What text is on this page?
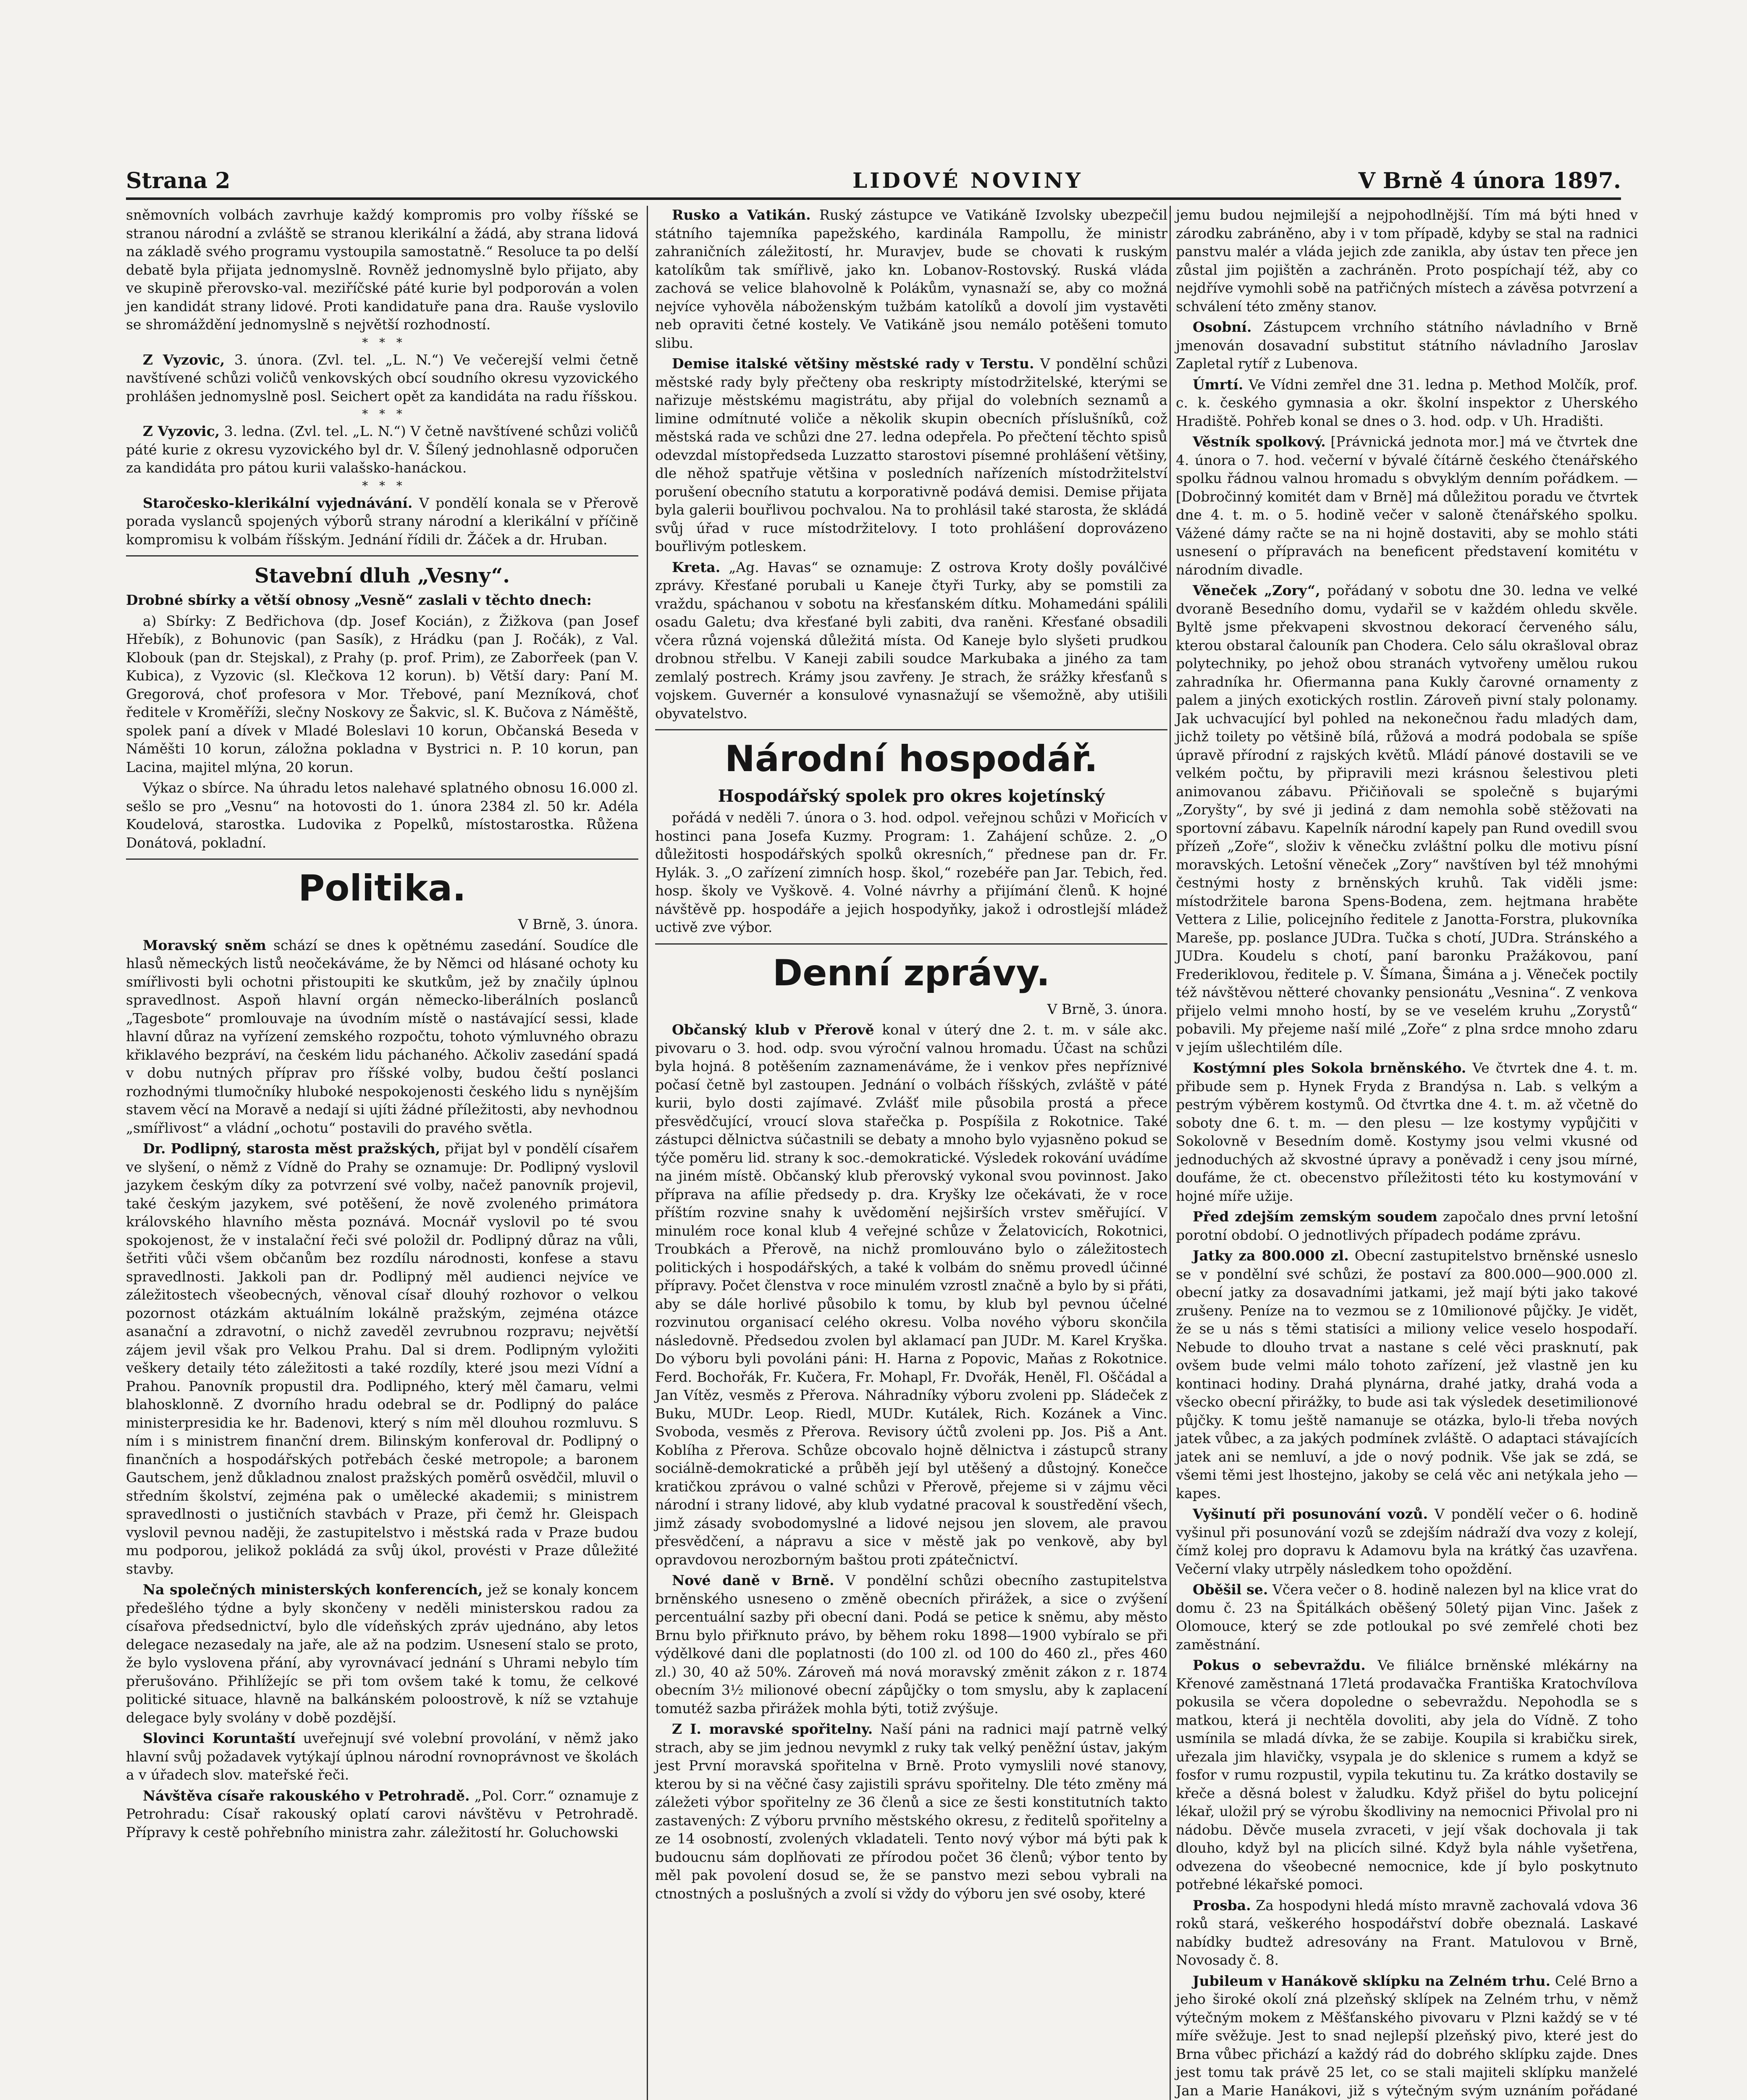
Strana 2	LIDOVÉ NOVINY	V Brně 4 února 1897.

sněmovních volbách zavrhuje každý kompromis pro volby říšské se stranou národní a zvláště se stranou klerikální a žádá, aby strana lidová na základě svého programu vystoupila samostatně.“ Resoluce ta po delší debatě byla přijata jednomyslně. Rovněž jednomyslně bylo přijato, aby ve skupině přerovsko-val. meziříčské páté kurie byl podporován a volen jen kandidát strany lidové. Proti kandidatuře pana dra. Rauše vyslovilo se shromáždění jednomyslně s největší rozhodností.

*   *   *

Z Vyzovic, 3. února. (Zvl. tel. „L. N.“) Ve večerejší velmi četně navštívené schůzi voličů venkovských obcí soudního okresu vyzovického prohlášen jednomyslně posl. Seichert opět za kandidáta na radu říšskou.

*   *   *

Z Vyzovic, 3. ledna. (Zvl. tel. „L. N.“) V četně navštívené schůzi voličů páté kurie z okresu vyzovického byl dr. V. Šílený jednohlasně odporučen za kandidáta pro pátou kurii valašsko-hanáckou.

*   *   *

Staročesko-klerikální vyjednávání. V pondělí konala se v Přerově porada vyslanců spojených výborů strany národní a klerikální v příčině kompromisu k volbám říšským. Jednání řídili dr. Žáček a dr. Hruban.

Stavební dluh „Vesny“.

Drobné sbírky a větší obnosy „Vesně“ zaslali v těchto dnech:

a) Sbírky: Z Bedřichova (dp. Josef Kocián), z Žižkova (pan Josef Hřebík), z Bohunovic (pan Sasík), z Hrádku (pan J. Ročák), z Val. Klobouk (pan dr. Stejskal), z Prahy (p. prof. Prim), ze Zaborřeek (pan V. Kubica), z Vyzovic (sl. Klečkova 12 korun). b) Větší dary: Paní M. Gregorová, choť profesora v Mor. Třebové, paní Mezníková, choť ředitele v Kroměříži, slečny Noskovy ze Šakvic, sl. K. Bučova z Náměště, spolek paní a dívek v Mladé Boleslavi 10 korun, Občanská Beseda v Náměšti 10 korun, záložna pokladna v Bystrici n. P. 10 korun, pan Lacina, majitel mlýna, 20 korun.

Výkaz o sbírce. Na úhradu letos nalehavé splatného obnosu 16.000 zl. sešlo se pro „Vesnu“ na hotovosti do 1. února 2384 zl. 50 kr. Adéla Koudelová, starostka. Ludovika z Popelků, místostarostka. Růžena Donátová, pokladní.

Politika.
V Brně, 3. února.

Moravský sněm schází se dnes k opětnému zasedání. Soudíce dle hlasů německých listů neočekáváme, že by Němci od hlásané ochoty ku smířlivosti byli ochotni přistoupiti ke skutkům, jež by značily úplnou spravedlnost. Aspoň hlavní orgán německo-liberálních poslanců „Tagesbote“ promlouvaje na úvodním místě o nastávající sessi, klade hlavní důraz na vyřízení zemského rozpočtu, tohoto výmluvného obrazu křiklavého bezpráví, na českém lidu páchaného. Ačkoliv zasedání spadá v dobu nutných příprav pro říšské volby, budou čeští poslanci rozhodnými tlumočníky hluboké nespokojenosti českého lidu s nynějším stavem věcí na Moravě a nedají si ujíti žádné příležitosti, aby nevhodnou „smířlivost“ a vládní „ochotu“ postavili do pravého světla.

Dr. Podlipný, starosta měst pražských, přijat byl v pondělí císařem ve slyšení, o němž z Vídně do Prahy se oznamuje: Dr. Podlipný vyslovil jazykem českým díky za potvrzení své volby, načež panovník projevil, také českým jazykem, své potěšení, že nově zvoleného primátora královského hlavního města poznává. Mocnář vyslovil po té svou spokojenost, že v instalační řeči své položil dr. Podlipný důraz na vůli, šetřiti vůči všem občanům bez rozdílu národnosti, konfese a stavu spravedlnosti. Jakkoli pan dr. Podlipný měl audienci nejvíce ve záležitostech všeobecných, věnoval císař dlouhý rozhovor o velkou pozornost otázkám aktuálním lokálně pražským, zejména otázce asanační a zdravotní, o nichž zaveděl zevrubnou rozpravu; největší zájem jevil však pro Velkou Prahu. Dal si drem. Podlipným vyložiti veškery detaily této záležitosti a také rozdíly, které jsou mezi Vídní a Prahou. Panovník propustil dra. Podlipného, který měl čamaru, velmi blahosklonně. Z dvorního hradu odebral se dr. Podlipný do paláce ministerpresidia ke hr. Badenovi, který s ním měl dlouhou rozmluvu. S ním i s ministrem finanční drem. Bilinským konferoval dr. Podlipný o finančních a hospodářských potřebách české metropole; a baronem Gautschem, jenž důkladnou znalost pražských poměrů osvědčil, mluvil o středním školství, zejména pak o umělecké akademii; s ministrem spravedlnosti o justičních stavbách v Praze, při čemž hr. Gleispach vyslovil pevnou naději, že zastupitelstvo i městská rada v Praze budou mu podporou, jelikož pokládá za svůj úkol, provésti v Praze důležité stavby.

Na společných ministerských konferencích, jež se konaly koncem předešlého týdne a byly skončeny v neděli ministerskou radou za císařova předsednictví, bylo dle vídeňských zpráv ujednáno, aby letos delegace nezasedaly na jaře, alе až na podzim. Usnesení stalo se proto, že bylo vyslovena přání, aby vyrovnávací jednání s Uhrami nebylo tím přerušováno. Přihlížejíc se při tom ovšem také k tomu, že celkové politické situace, hlavně na balkánském poloostrově, k níž se vztahuje delegace byly svolány v době pozdější.

Slovinci Koruntaští uveřejnují své volební provolání, v němž jako hlavní svůj požadavek vytýkají úplnou národní rovnoprávnost ve školách a v úřadech slov. mateřské řeči.

Návštěva císaře rakouského v Petrohradě. „Pol. Corr.“ oznamuje z Petrohradu: Císař rakouský oplatí carovi návštěvu v Petrohradě. Přípravy k cestě pohřebního ministra zahr. záležitostí hr. Goluchowski

Rusko a Vatikán. Ruský zástupce ve Vatikáně Izvolsky ubezpečil státního tajemníka papežského, kardinála Rampollu, že ministr zahraničních záležitostí, hr. Muravjev, bude se chovati k ruským katolíkům tak smířlivě, jako kn. Lobanov-Rostovský. Ruská vláda zachová se velice blahovolně k Polákům, vynasnaží se, aby co možná nejvíce vyhověla náboženským tužbám katolíků a dovolí jim vystavěti neb opraviti četné kostely. Ve Vatikáně jsou nemálo potěšeni tomuto slibu.

Demise italské většiny městské rady v Terstu. V pondělní schůzi městské rady byly přečteny oba reskripty místodržitelské, kterými se nařizuje městskému magistrátu, aby přijal do volebních seznamů a limine odmítnuté voliče a několik skupin obecních příslušníků, což městská rada ve schůzi dne 27. ledna odepřela. Po přečtení těchto spisů odevzdal místopředseda Luzzatto starostovi písemné prohlášení většiny, dle něhož spatřuje většina v posledních nařízeních místodržitelství porušení obecního statutu a korporativně podává demisi. Demise přijata byla galerii bouřlivou pochvalou. Na to prohlásil také starosta, že skládá svůj úřad v ruce místodržitelovy. I toto prohlášení doprovázeno bouřlivým potleskem.

Kreta. „Ag. Havas“ se oznamuje: Z ostrova Kroty došly poválčivé zprávy. Křesťané porubali u Kaneje čtyři Turky, aby se pomstili za vraždu, spáchanou v sobotu na křesťanském dítku. Mohamedáni spálili osadu Galetu; dva křesťané byli zabiti, dva raněni. Křesťané obsadili včera různá vojenská důležitá místa. Od Kaneje bylo slyšeti prudkou drobnou střelbu. V Kaneji zabili soudce Markubaka a jiného za tam zemlalý postrech. Krámy jsou zavřeny. Je strach, že srážky křesťanů s vojskem. Guvernér a konsulové vynasnažují se všemožně, aby utišili obyvatelstvo.

Národní hospodář.
Hospodářský spolek pro okres kojetínský

pořádá v neděli 7. února o 3. hod. odpol. veřejnou schůzi v Mořicích v hostinci pana Josefa Kuzmy. Program: 1. Zahájení schůze. 2. „O důležitosti hospodářských spolků okresních,“ přednese pan dr. Fr. Hylák. 3. „O zařízení zimních hosp. škol,“ rozebéře pan Jar. Tebich, řed. hosp. školy ve Vyškově. 4. Volné návrhy a přijímání členů. K hojné návštěvě pp. hospodáře a jejich hospodyňky, jakož i odrostlejší mládež uctivě zve výbor.

Denní zprávy.
V Brně, 3. února.

Občanský klub v Přerově konal v úterý dne 2. t. m. v sále akc. pivovaru o 3. hod. odp. svou výroční valnou hromadu. Účast na schůzi byla hojná. 8 potěšením zaznamenáváme, že i venkov přes nepříznivé počasí četně byl zastoupen. Jednání o volbách říšských, zvláště v páté kurii, bylo dosti zajímavé. Zvlášť mile působila prostá a přece přesvědčující, vroucí slova stařečka p. Pospíšila z Rokotnice. Také zástupci dělnictva súčastnili se debaty a mnoho bylo vyjasněno pokud se týče poměru lid. strany k soc.-demokratické. Výsledek rokování uvádíme na jiném místě. Občanský klub přerovský vykonal svou povinnost. Jako příprava na afílie předsedy p. dra. Kryšky lze očekávati, že v roce příštím rozvine snahy k uvědomění nejširších vrstev směřující. V minulém roce konal klub 4 veřejné schůze v Želatovicích, Rokotnici, Troubkách a Přerově, na nichž promlouváno bylo o záležitostech politických i hospodářských, a také k volbám do sněmu provedl účinné přípravy. Počet členstva v roce minulém vzrostl značně a bylo by si přáti, aby se dále horlivé působilo k tomu, by klub byl pevnou účelné rozvinutou organisací celého okresu. Volba nového výboru skončila následovně. Předsedou zvolen byl aklamací pan JUDr. M. Karel Kryška. Do výboru byli povoláni páni: H. Harna z Popovic, Maňas z Rokotnice. Ferd. Bochořák, Fr. Kučera, Fr. Mohapl, Fr. Dvořák, Heněl, Fl. Oščádal a Jan Vítěz, vesměs z Přerova. Náhradníky výboru zvoleni pp. Sládeček z Buku, MUDr. Leop. Riedl, MUDr. Kutálek, Rich. Kozánek a Vinc. Svoboda, vesměs z Přerova. Revisory účtů zvoleni pp. Jos. Piš a Ant. Koblíha z Přerova. Schůze obcovalo hojně dělnictva i zástupců strany sociálně-demokratické a průběh její byl utěšený a důstojný. Konečce kratičkou zprávou o valné schůzi v Přerově, přejeme si v zájmu věci národní i strany lidové, aby klub vydatné pracoval k soustředění všech, jimž zásady svobodomyslné a lidové nejsou jen slovem, ale pravou přesvědčení, a nápravu a sice v městě jak po venkově, aby byl opravdovou nerozborným baštou proti zpátečnictví.

Nové daně v Brně. V pondělní schůzi obecního zastupitelstva brněnského usneseno o změně obecních přirážek, a sice o zvýšení percentuální sazby při obecní dani. Podá se petice k sněmu, aby město Brnu bylo přiřknuto právo, by během roku 1898—1900 vybíralo se při výdělkové dani dle poplatnosti (do 100 zl. od 100 do 460 zl., přes 460 zl.) 30, 40 až 50%. Zároveň má nová moravský změnit zákon z r. 1874 obecním 3½ milionové obecní zápůjčky o tom smyslu, aby k zaplacení tomutéž sazba přirážek mohla býti, totiž zvýšuje.

Z I. moravské spořitelny. Naší páni na radnici mají patrně velký strach, aby se jim jednou nevymkl z ruky tak velký peněžní ústav, jakým jest První moravská spořitelna v Brně. Proto vymyslili nové stanovy, kterou by si na věčné časy zajistili správu spořitelny. Dle této změny má záležeti výbor spořitelny ze 36 členů a sice ze šesti konstitutních takto zastavených: Z výboru prvního městského okresu, z ředitelů spořitelny a ze 14 osobností, zvolených vkladateli. Tento nový výbor má býti pak k budoucnu sám doplňovati ze přírodou počet 36 členů; výbor tento by měl pak povolení dosud se, že se panstvo mezi sebou vybrali na ctnostných a poslušných a zvolí si vždy do výboru jen své osoby, které

jemu budou nejmilejší a nejpohodlnější. Tím má býti hned v zárodku zabráněno, aby i v tom případě, kdyby se stal na radnici panstvu malér a vláda jejich zde zanikla, aby ústav ten přece jen zůstal jim pojištěn a zachráněn. Proto pospíchají též, aby co nejdříve vymohli sobě na patřičných místech a závěsa potvrzení a schválení této změny stanov.

Osobní. Zástupcem vrchního státního návladního v Brně jmenován dosavadní substitut státního návladního Jaroslav Zapletal rytíř z Lubenova.

Úmrtí. Ve Vídni zemřel dne 31. ledna p. Method Molčík, prof. c. k. českého gymnasia a okr. školní inspektor z Uherského Hradiště. Pohřeb konal se dnes o 3. hod. odp. v Uh. Hradišti.

Věstník spolkový. [Právnická jednota mor.] má ve čtvrtek dne 4. února o 7. hod. večerní v bývalé čítárně českého čtenářského spolku řádnou valnou hromadu s obvyklým denním pořádkem. — [Dobročinný komitét dam v Brně] má důležitou poradu ve čtvrtek dne 4. t. m. o 5. hodině večer v saloně čtenářského spolku. Vážené dámy račte se na ni hojně dostaviti, aby se mohlo státi usnesení o přípravách na beneficent představení komitétu v národním divadle.

Věneček „Zory“, pořádaný v sobotu dne 30. ledna ve velké dvoraně Besedního domu, vydařil se v každém ohledu skvěle. Byltě jsme překvapeni skvostnou dekorací červeného sálu, kterou obstaral čalouník pan Chodera. Celo sálu okrašloval obraz polytechniky, po jehož obou stranách vytvořeny umělou rukou zahradníka hr. Ofiermanna pana Kukly čarovné ornamenty z palem a jiných exotických rostlin. Zároveň pivní staly polonamy. Jak uchvacující byl pohled na nekonečnou řadu mladých dam, jichž toilety po většině bílá, růžová a modrá podobala se spíše úpravě přírodní z rajských květů. Mládí pánové dostavili se ve velkém počtu, by připravili mezi krásnou šelestivou pleti animovanou zábavu. Přičiňovali se společně s bujarými „Zoryšty“, by své ji jediná z dam nemohla sobě stěžovati na sportovní zábavu. Kapelník národní kapely pan Rund ovedill svou přízeň „Zoře“, složiv k věnečku zvláštní polku dle motivu písní moravských. Letošní věneček „Zory“ navštíven byl též mnohými čestnými hosty z brněnských kruhů. Tak viděli jsme: místodržitele barona Spens-Bodena, zem. hejtmana hraběte Vettera z Lilie, policejního ředitele z Janotta-Forstra, plukovníka Mareše, pp. poslance JUDra. Tučka s chotí, JUDra. Stránského a JUDra. Koudelu s chotí, paní baronku Pražákovou, paní Frederiklovou, ředitele p. V. Šímana, Šimána a j. Věneček poctily též návštěvou nětteré chovanky pensionátu „Vesnina“. Z venkova přijelo velmi mnoho hostí, by se ve veselém kruhu „Zorystů“ pobavili. My přejeme naší milé „Zoře“ z plna srdce mnoho zdaru v jejím ušlechtilém díle.

Kostýmní ples Sokola brněnského. Ve čtvrtek dne 4. t. m. přibude sem p. Hynek Fryda z Brandýsa n. Lab. s velkým a pestrým výběrem kostymů. Od čtvrtka dne 4. t. m. až včetně do soboty dne 6. t. m. — den plesu — lze kostymy vypůjčiti v Sokolovně v Besedním domě. Kostymy jsou velmi vkusné od jednoduchých až skvostné úpravy a poněvadž i ceny jsou mírné, doufáme, že ct. obecenstvo příležitosti této ku kostymování v hojné míře užije.

Před zdejším zemským soudem započalo dnes první letošní porotní období. O jednotlivých případech podáme zprávu.

Jatky za 800.000 zl. Obecní zastupitelstvo brněnské usneslo se v pondělní své schůzi, že postaví za 800.000—900.000 zl. obecní jatky za dosavadními jatkami, jež mají býti jako takové zrušeny. Peníze na to vezmou se z 10milionové půjčky. Je vidět, že se u nás s těmi statisíci a miliony velice veselo hospodaří. Nebude to dlouho trvat a nastane s celé věci prasknutí, pak ovšem bude velmi málo tohoto zařízení, jež vlastně jen ku kontinaci hodiny. Drahá plynárna, drahé jatky, drahá voda a všecko obecní přirážky, to bude asi tak výsledek desetimilionové půjčky. K tomu ještě namanuje se otázka, bylo-li třeba nových jatek vůbec, a za jakých podmínek zvláště. O adaptaci stávajících jatek ani se nemluví, a jde o nový podnik. Vše jak se zdá, se všemi těmi jest lhostejno, jakoby se celá věc ani netýkala jeho — kapes.

Vyšinutí při posunování vozů. V pondělí večer o 6. hodině vyšinul při posunování vozů se zdejším nádraží dva vozy z kolejí, čímž kolej pro dopravu k Adamovu byla na krátký čas uzavřena. Večerní vlaky utrpěly následkem toho opoždění.

Oběšil se. Včera večer o 8. hodině nalezen byl na klice vrat do domu č. 23 na Špitálkách oběšený 50letý pijan Vinc. Jašek z Olomouce, který se zde potloukal po své zemřelé choti bez zaměstnání.

Pokus o sebevraždu. Ve filiálce brněnské mlékárny na Křenové zaměstnaná 17letá prodavačka Františka Kratochvílova pokusila se včera dopoledne o sebevraždu. Nepohodla se s matkou, která ji nechtěla dovoliti, aby jela do Vídně. Z toho usmínila se mladá dívka, že se zabije. Koupila si krabičku sirek, uřezala jim hlavičky, vsypala je do sklenice s rumem a když se fosfor v rumu rozpustil, vypila tekutinu tu. Za krátko dostavily se křeče a děsná bolest v žaludku. Když přišel do bytu policejní lékař, uložil prý se výrobu škodliviny na nemocnici Přivolal pro ni nádobu. Děvče musela zvraceti, v její však dochovala ji tak dlouho, když byl na plicích silné. Když byla náhle vyšetřena, odvezena do všeobecné nemocnice, kde jí bylo poskytnuto potřebné lékařské pomoci.

Prosba. Za hospodyni hledá místo mravně zachovalá vdova 36 roků stará, veškerého hospodářství dobře obeznalá. Laskavé nabídky budtež adresovány na Frant. Matulovou v Brně, Novosady č. 8.

Jubileum v Hanákově sklípku na Zelném trhu. Celé Brno a jeho široké okolí zná plzeňský sklípek na Zelném trhu, v němž výtečným mokem z Měšťanského pivovaru v Plzni každý se v té míře svěžuje. Jest to snad nejlepší plzeňský pivo, které jest do Brna vůbec přichází a každý rád do dobrého sklípku zajde. Dnes jest tomu tak právě 25 let, co se stali majiteli sklípku manželé Jan a Marie Hanákovi, již s výtečným svým uznáním pořádané
